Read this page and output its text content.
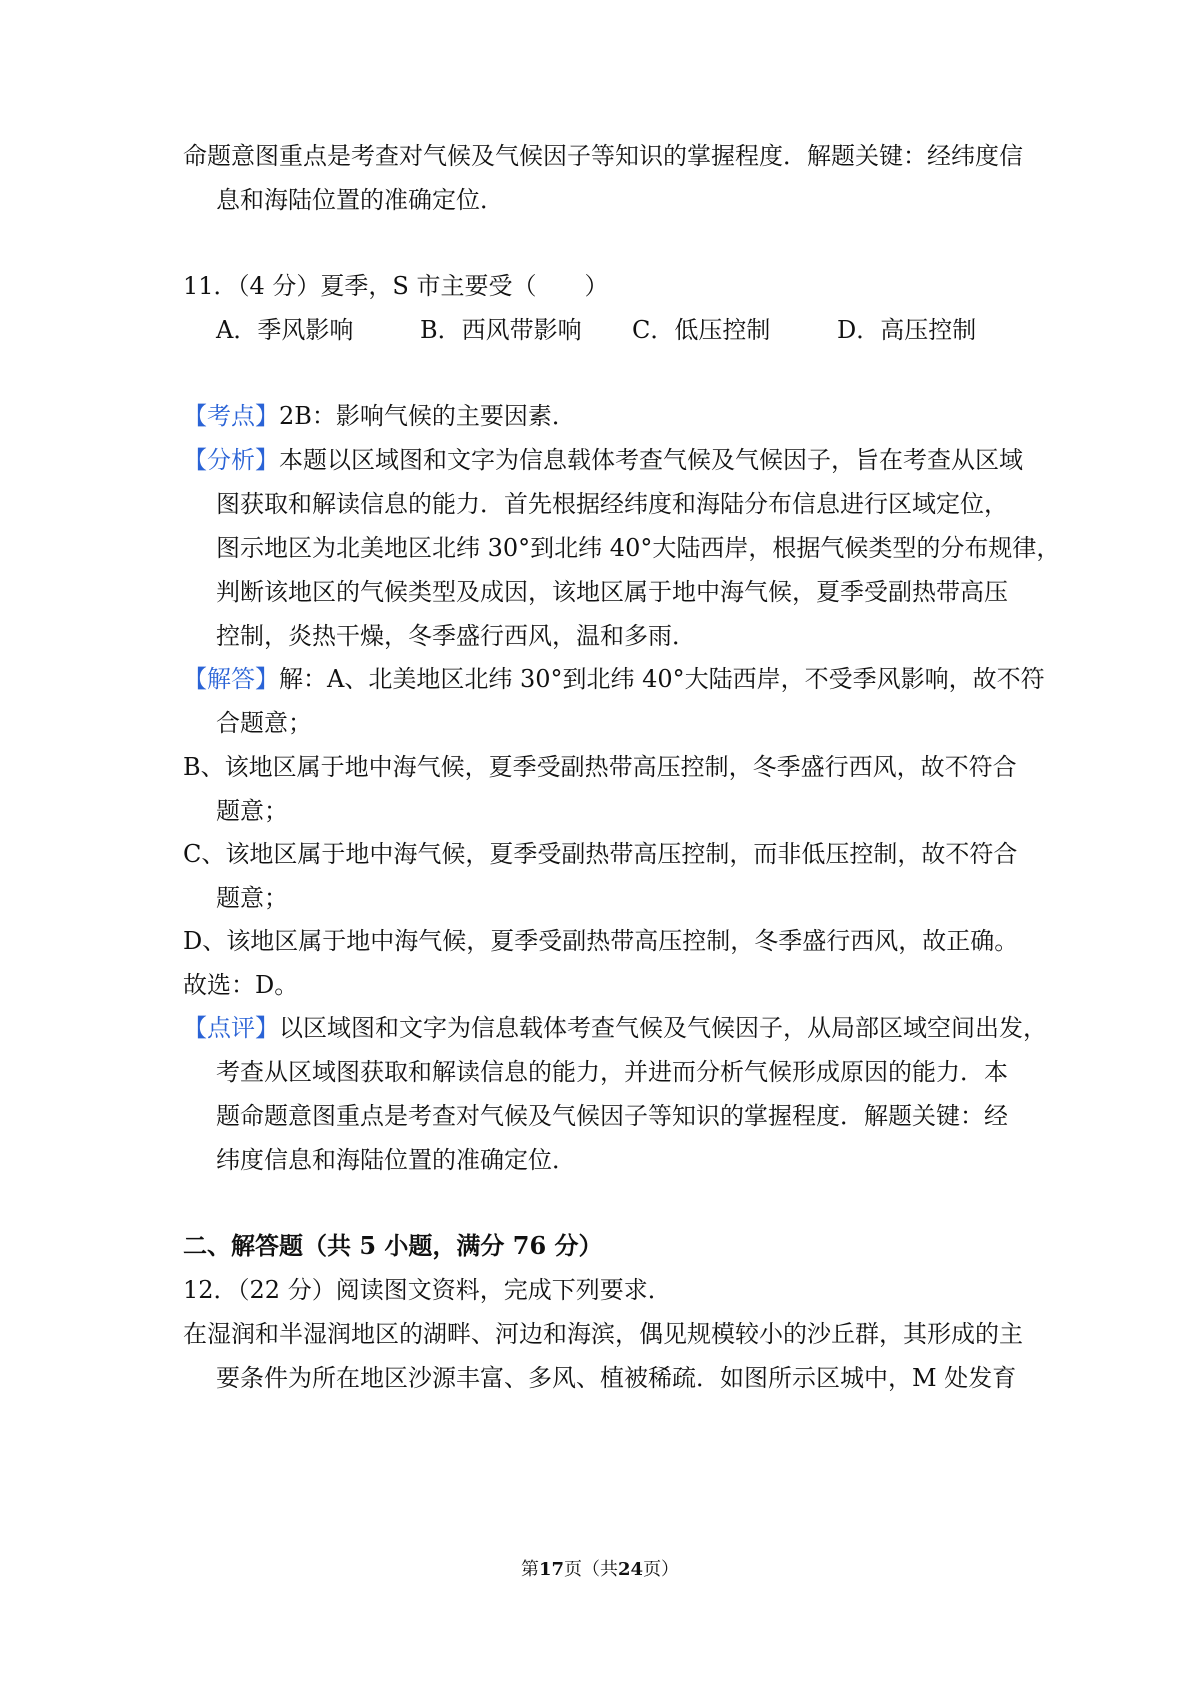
命题意图重点是考查对气候及气候因子等知识的掌握程度．解题关键：经纬度信
息和海陆位置的准确定位．
11．（4 分）夏季，S 市主要受（　　）
A．季风影响	B．西风带影响 C．低压控制	D．高压控制
【考点】2B：影响气候的主要因素．
【分析】本题以区域图和文字为信息载体考查气候及气候因子，旨在考查从区域
图获取和解读信息的能力．首先根据经纬度和海陆分布信息进行区域定位，
图示地区为北美地区北纬 30°到北纬 40°大陆西岸，根据气候类型的分布规律，
判断该地区的气候类型及成因，该地区属于地中海气候，夏季受副热带高压
控制，炎热干燥，冬季盛行西风，温和多雨．
【解答】解：A、北美地区北纬 30°到北纬 40°大陆西岸，不受季风影响，故不符
合题意；
B、该地区属于地中海气候，夏季受副热带高压控制，冬季盛行西风，故不符合
题意；
C、该地区属于地中海气候，夏季受副热带高压控制，而非低压控制，故不符合
题意；
D、该地区属于地中海气候，夏季受副热带高压控制，冬季盛行西风，故正确。
故选：D。
【点评】以区域图和文字为信息载体考查气候及气候因子，从局部区域空间出发，
考查从区域图获取和解读信息的能力，并进而分析气候形成原因的能力．本
题命题意图重点是考查对气候及气候因子等知识的掌握程度．解题关键：经
纬度信息和海陆位置的准确定位．
二、解答题（共 5 小题，满分 76 分）
12．（22 分）阅读图文资料，完成下列要求．
在湿润和半湿润地区的湖畔、河边和海滨，偶见规模较小的沙丘群，其形成的主
要条件为所在地区沙源丰富、多风、植被稀疏．如图所示区城中，M 处发育
第17页（共24页）
